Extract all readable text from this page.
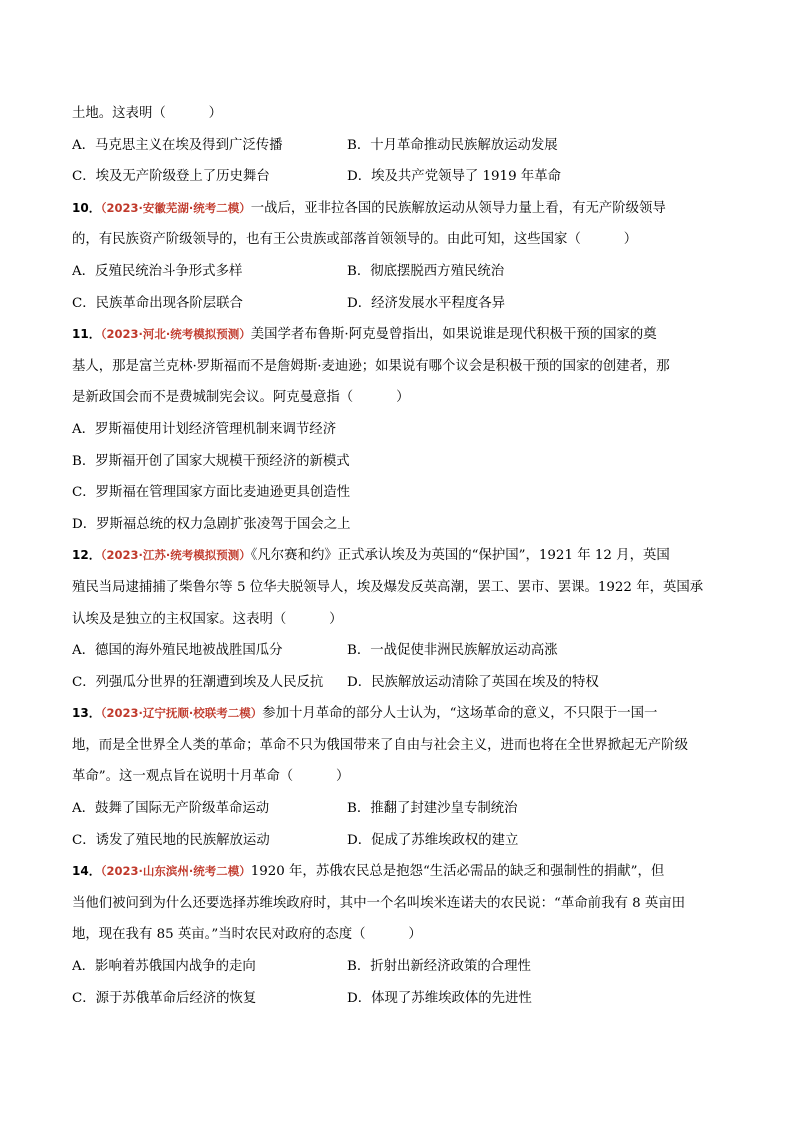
土地。这表明（	）
A．马克思主义在埃及得到广泛传播	B．十月革命推动民族解放运动发展
C．埃及无产阶级登上了历史舞台	D．埃及共产党领导了 1919 年革命
10．（2023·安徽芜湖·统考二模）一战后，亚非拉各国的民族解放运动从领导力量上看，有无产阶级领导
的，有民族资产阶级领导的，也有王公贵族或部落首领领导的。由此可知，这些国家（	）
A．反殖民统治斗争形式多样	B．彻底摆脱西方殖民统治
C．民族革命出现各阶层联合	D．经济发展水平程度各异
11．（2023·河北·统考模拟预测）美国学者布鲁斯·阿克曼曾指出，如果说谁是现代积极干预的国家的奠
基人，那是富兰克林·罗斯福而不是詹姆斯·麦迪逊；如果说有哪个议会是积极干预的国家的创建者，那
是新政国会而不是费城制宪会议。阿克曼意指（	）
A．罗斯福使用计划经济管理机制来调节经济
B．罗斯福开创了国家大规模干预经济的新模式
C．罗斯福在管理国家方面比麦迪逊更具创造性
D．罗斯福总统的权力急剧扩张凌驾于国会之上
12．（2023·江苏·统考模拟预测）《凡尔赛和约》正式承认埃及为英国的“保护国”，1921 年 12 月，英国
殖民当局逮捕捕了柴鲁尔等 5 位华夫脱领导人，埃及爆发反英高潮，罢工、罢市、罢课。1922 年，英国承
认埃及是独立的主权国家。这表明（	）
A．德国的海外殖民地被战胜国瓜分	B．一战促使非洲民族解放运动高涨
C．列强瓜分世界的狂潮遭到埃及人民反抗	D．民族解放运动清除了英国在埃及的特权
13．（2023·辽宁抚顺·校联考二模）参加十月革命的部分人士认为，“这场革命的意义，不只限于一国一
地，而是全世界全人类的革命；革命不只为俄国带来了自由与社会主义，进而也将在全世界掀起无产阶级
革命”。这一观点旨在说明十月革命（	）
A．鼓舞了国际无产阶级革命运动	B．推翻了封建沙皇专制统治
C．诱发了殖民地的民族解放运动	D．促成了苏维埃政权的建立
14．（2023·山东滨州·统考二模）1920 年，苏俄农民总是抱怨“生活必需品的缺乏和强制性的捐献”，但
当他们被问到为什么还要选择苏维埃政府时，其中一个名叫埃米连诺夫的农民说：“革命前我有 8 英亩田
地，现在我有 85 英亩。”当时农民对政府的态度（	）
A．影响着苏俄国内战争的走向	B．折射出新经济政策的合理性
C．源于苏俄革命后经济的恢复	D．体现了苏维埃政体的先进性
